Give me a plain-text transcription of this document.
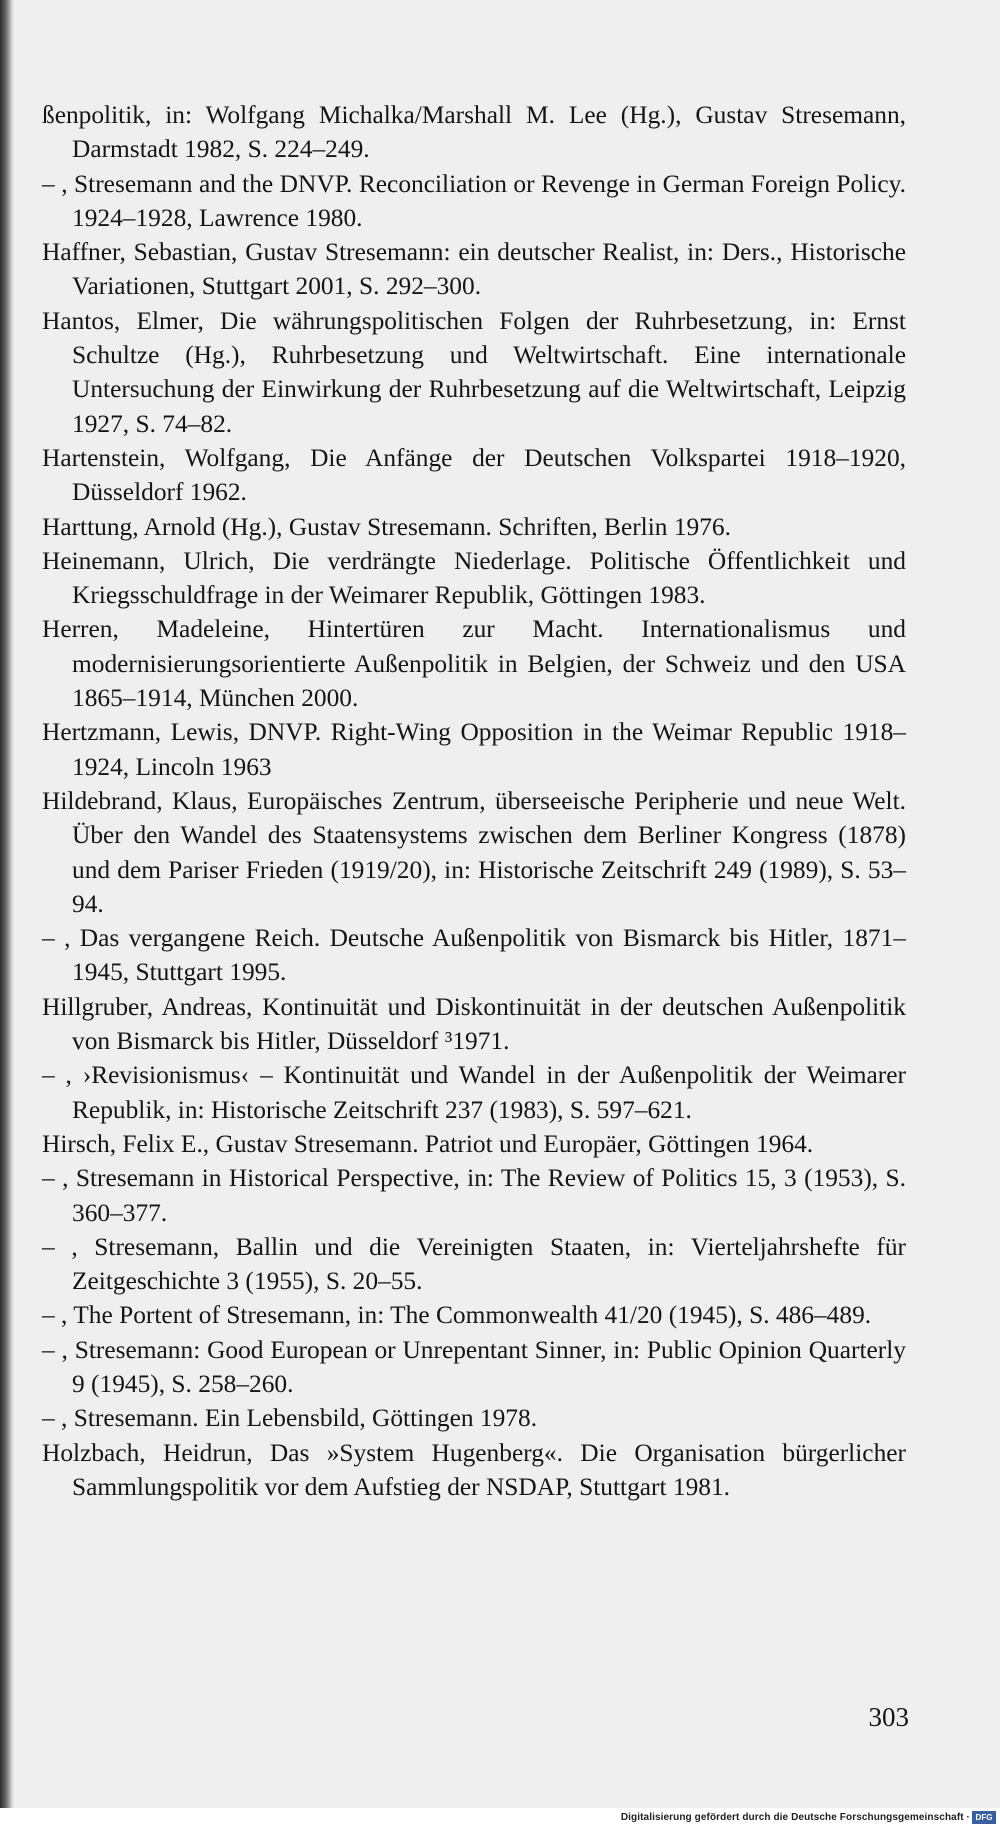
ßenpolitik, in: Wolfgang Michalka/Marshall M. Lee (Hg.), Gustav Stresemann, Darmstadt 1982, S. 224–249.
– , Stresemann and the DNVP. Reconciliation or Revenge in German Foreign Policy. 1924–1928, Lawrence 1980.
Haffner, Sebastian, Gustav Stresemann: ein deutscher Realist, in: Ders., Historische Variationen, Stuttgart 2001, S. 292–300.
Hantos, Elmer, Die währungspolitischen Folgen der Ruhrbesetzung, in: Ernst Schultze (Hg.), Ruhrbesetzung und Weltwirtschaft. Eine internationale Untersuchung der Einwirkung der Ruhrbesetzung auf die Weltwirtschaft, Leipzig 1927, S. 74–82.
Hartenstein, Wolfgang, Die Anfänge der Deutschen Volkspartei 1918–1920, Düsseldorf 1962.
Harttung, Arnold (Hg.), Gustav Stresemann. Schriften, Berlin 1976.
Heinemann, Ulrich, Die verdrängte Niederlage. Politische Öffentlichkeit und Kriegsschuldfrage in der Weimarer Republik, Göttingen 1983.
Herren, Madeleine, Hintertüren zur Macht. Internationalismus und modernisierungsorientierte Außenpolitik in Belgien, der Schweiz und den USA 1865–1914, München 2000.
Hertzmann, Lewis, DNVP. Right-Wing Opposition in the Weimar Republic 1918–1924, Lincoln 1963
Hildebrand, Klaus, Europäisches Zentrum, überseeische Peripherie und neue Welt. Über den Wandel des Staatensystems zwischen dem Berliner Kongress (1878) und dem Pariser Frieden (1919/20), in: Historische Zeitschrift 249 (1989), S. 53–94.
– , Das vergangene Reich. Deutsche Außenpolitik von Bismarck bis Hitler, 1871–1945, Stuttgart 1995.
Hillgruber, Andreas, Kontinuität und Diskontinuität in der deutschen Außenpolitik von Bismarck bis Hitler, Düsseldorf ³1971.
– , ›Revisionismus‹ – Kontinuität und Wandel in der Außenpolitik der Weimarer Republik, in: Historische Zeitschrift 237 (1983), S. 597–621.
Hirsch, Felix E., Gustav Stresemann. Patriot und Europäer, Göttingen 1964.
– , Stresemann in Historical Perspective, in: The Review of Politics 15, 3 (1953), S. 360–377.
– , Stresemann, Ballin und die Vereinigten Staaten, in: Vierteljahrshefte für Zeitgeschichte 3 (1955), S. 20–55.
– , The Portent of Stresemann, in: The Commonwealth 41/20 (1945), S. 486–489.
– , Stresemann: Good European or Unrepentant Sinner, in: Public Opinion Quarterly 9 (1945), S. 258–260.
– , Stresemann. Ein Lebensbild, Göttingen 1978.
Holzbach, Heidrun, Das »System Hugenberg«. Die Organisation bürgerlicher Sammlungspolitik vor dem Aufstieg der NSDAP, Stuttgart 1981.
303
Digitalisierung gefördert durch die Deutsche Forschungsgemeinschaft · DFG
